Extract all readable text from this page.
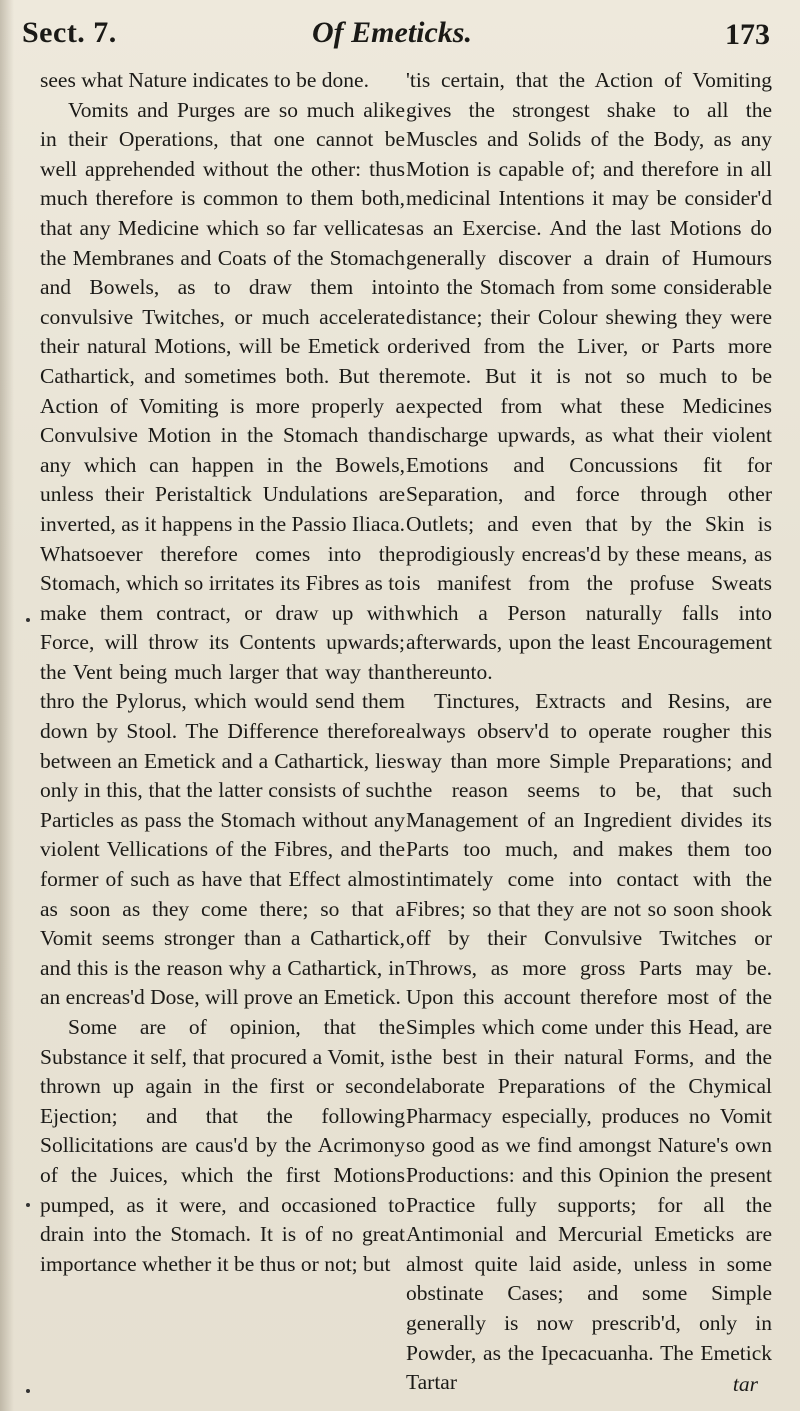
Sect. 7.	Of Emeticks.	173

sees what Nature indicates to be done.

Vomits and Purges are so much alike in their Operations, that one cannot be well apprehended without the other: thus much therefore is common to them both, that any Medicine which so far vellicates the Membranes and Coats of the Stomach and Bowels, as to draw them into convulsive Twitches, or much accelerate their natural Motions, will be Emetick or Cathartick, and sometimes both. But the Action of Vomiting is more properly a Convulsive Motion in the Stomach than any which can happen in the Bowels, unless their Peristaltick Undulations are inverted, as it happens in the Passio Iliaca. Whatsoever therefore comes into the Stomach, which so irritates its Fibres as to make them contract, or draw up with Force, will throw its Contents upwards; the Vent being much larger that way than thro the Pylorus, which would send them down by Stool. The Difference therefore between an Emetick and a Cathartick, lies only in this, that the latter consists of such Particles as pass the Stomach without any violent Vellications of the Fibres, and the former of such as have that Effect almost as soon as they come there; so that a Vomit seems stronger than a Cathartick, and this is the reason why a Cathartick, in an encreas'd Dose, will prove an Emetick.

Some are of opinion, that the Substance it self, that procured a Vomit, is thrown up again in the first or second Ejection; and that the following Sollicitations are caus'd by the Acrimony of the Juices, which the first Motions pumped, as it were, and occasioned to drain into the Stomach. It is of no great importance whether it be thus or not; but

'tis certain, that the Action of Vomiting gives the strongest shake to all the Muscles and Solids of the Body, as any Motion is capable of; and therefore in all medicinal Intentions it may be consider'd as an Exercise. And the last Motions do generally discover a drain of Humours into the Stomach from some considerable distance; their Colour shewing they were derived from the Liver, or Parts more remote. But it is not so much to be expected from what these Medicines discharge upwards, as what their violent Emotions and Concussions fit for Separation, and force through other Outlets; and even that by the Skin is prodigiously encreas'd by these means, as is manifest from the profuse Sweats which a Person naturally falls into afterwards, upon the least Encouragement thereunto.

Tinctures, Extracts and Resins, are always observ'd to operate rougher this way than more Simple Preparations; and the reason seems to be, that such Management of an Ingredient divides its Parts too much, and makes them too intimately come into contact with the Fibres; so that they are not so soon shook off by their Convulsive Twitches or Throws, as more gross Parts may be. Upon this account therefore most of the Simples which come under this Head, are the best in their natural Forms, and the elaborate Preparations of the Chymical Pharmacy especially, produces no Vomit so good as we find amongst Nature's own Productions: and this Opinion the present Practice fully supports; for all the Antimonial and Mercurial Emeticks are almost quite laid aside, unless in some obstinate Cases; and some Simple generally is now prescrib'd, only in Powder, as the Ipecacuanha. The Emetick Tartar	tar
